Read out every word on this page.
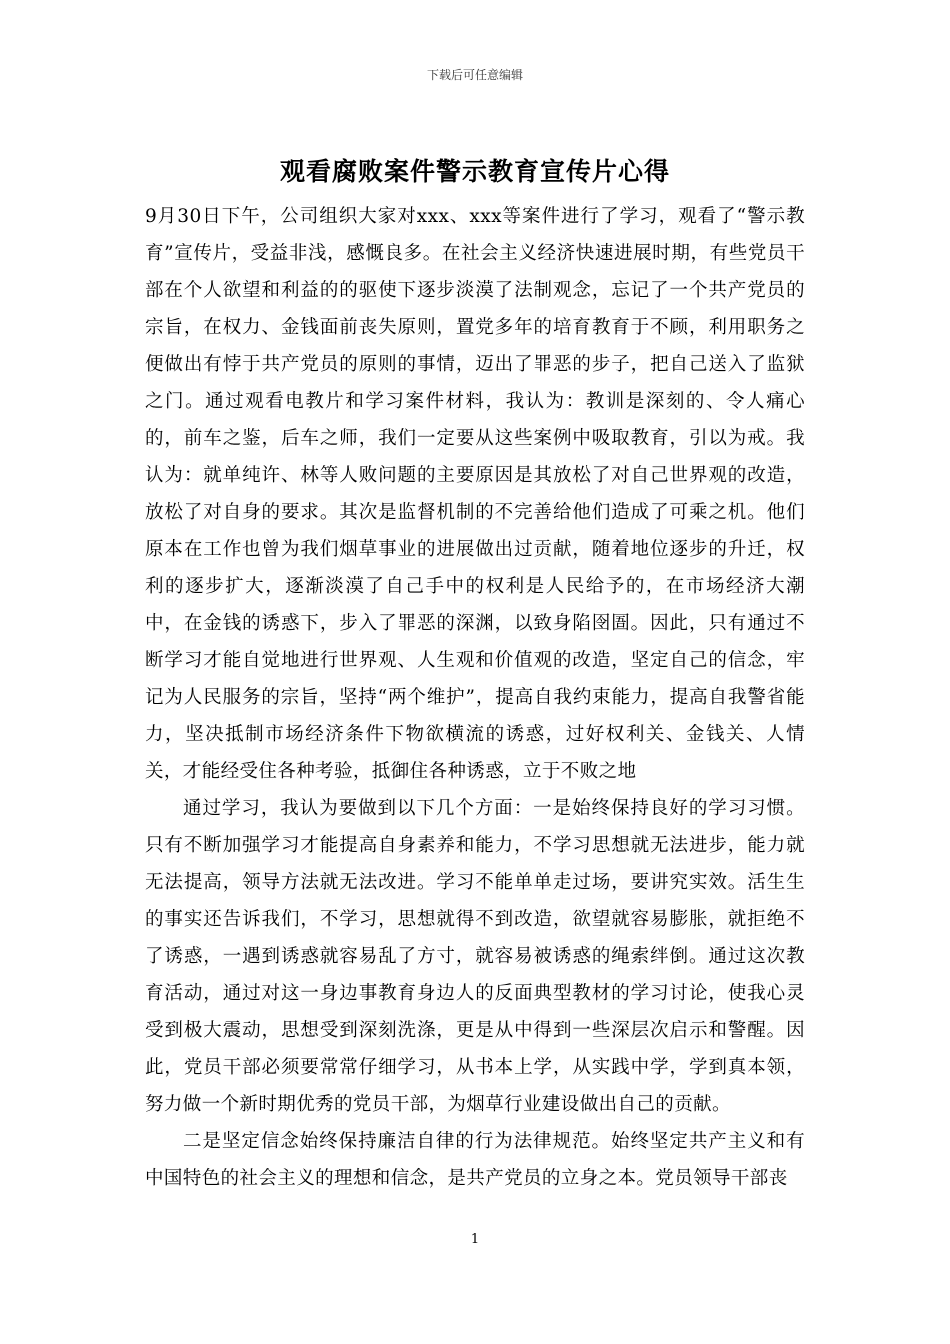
下载后可任意编辑
观看腐败案件警示教育宣传片心得

9月30日下午，公司组织大家对xxx、xxx等案件进行了学习，观看了“警示教育”宣传片，受益非浅，感慨良多。在社会主义经济快速进展时期，有些党员干部在个人欲望和利益的的驱使下逐步淡漠了法制观念，忘记了一个共产党员的宗旨，在权力、金钱面前丧失原则，置党多年的培育教育于不顾，利用职务之便做出有悖于共产党员的原则的事情，迈出了罪恶的步子，把自己送入了监狱之门。通过观看电教片和学习案件材料，我认为：教训是深刻的、令人痛心的，前车之鉴，后车之师，我们一定要从这些案例中吸取教育，引以为戒。我认为：就单纯许、林等人败问题的主要原因是其放松了对自己世界观的改造，放松了对自身的要求。其次是监督机制的不完善给他们造成了可乘之机。他们原本在工作也曾为我们烟草事业的进展做出过贡献，随着地位逐步的升迁，权利的逐步扩大，逐渐淡漠了自己手中的权利是人民给予的，在市场经济大潮中，在金钱的诱惑下，步入了罪恶的深渊，以致身陷囹圄。因此，只有通过不断学习才能自觉地进行世界观、人生观和价值观的改造，坚定自己的信念，牢记为人民服务的宗旨，坚持“两个维护”，提高自我约束能力，提高自我警省能力，坚决抵制市场经济条件下物欲横流的诱惑，过好权利关、金钱关、人情关，才能经受住各种考验，抵御住各种诱惑，立于不败之地

通过学习，我认为要做到以下几个方面：一是始终保持良好的学习习惯。只有不断加强学习才能提高自身素养和能力，不学习思想就无法进步，能力就无法提高，领导方法就无法改进。学习不能单单走过场，要讲究实效。活生生的事实还告诉我们，不学习，思想就得不到改造，欲望就容易膨胀，就拒绝不了诱惑，一遇到诱惑就容易乱了方寸，就容易被诱惑的绳索绊倒。通过这次教育活动，通过对这一身边事教育身边人的反面典型教材的学习讨论，使我心灵受到极大震动，思想受到深刻洗涤，更是从中得到一些深层次启示和警醒。因此，党员干部必须要常常仔细学习，从书本上学，从实践中学，学到真本领，努力做一个新时期优秀的党员干部，为烟草行业建设做出自己的贡献。

二是坚定信念始终保持廉洁自律的行为法律规范。始终坚定共产主义和有中国特色的社会主义的理想和信念，是共产党员的立身之本。党员领导干部丧

1
